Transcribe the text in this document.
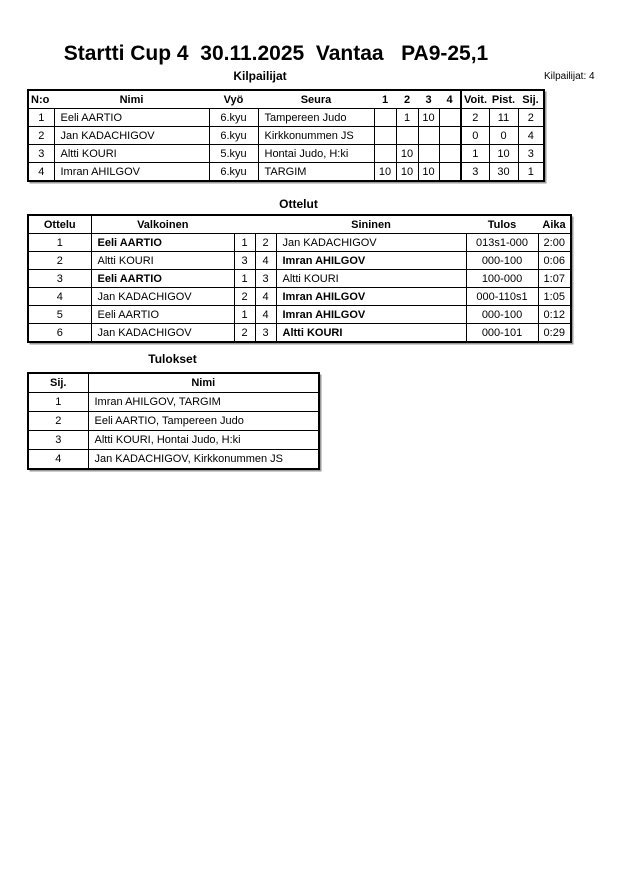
Startti Cup 4  30.11.2025  Vantaa   PA9-25,1
Kilpailijat	Kilpailijat: 4
N:o	Nimi	Vyö	Seura	1	2	3	4	Voit.	Pist.	Sij.
1	Eeli AARTIO	6.kyu	Tampereen Judo		1	10		2	11	2
2	Jan KADACHIGOV	6.kyu	Kirkkonummen JS					0	0	4
3	Altti KOURI	5.kyu	Hontai Judo, H:ki		10			1	10	3
4	Imran AHILGOV	6.kyu	TARGIM	10	10	10		3	30	1
Ottelut
Ottelu	Valkoinen			Sininen	Tulos	Aika
1	Eeli AARTIO	1	2	Jan KADACHIGOV	013s1-000	2:00
2	Altti KOURI	3	4	Imran AHILGOV	000-100	0:06
3	Eeli AARTIO	1	3	Altti KOURI	100-000	1:07
4	Jan KADACHIGOV	2	4	Imran AHILGOV	000-110s1	1:05
5	Eeli AARTIO	1	4	Imran AHILGOV	000-100	0:12
6	Jan KADACHIGOV	2	3	Altti KOURI	000-101	0:29
Tulokset
Sij.	Nimi
1	Imran AHILGOV, TARGIM
2	Eeli AARTIO, Tampereen Judo
3	Altti KOURI, Hontai Judo, H:ki
4	Jan KADACHIGOV, Kirkkonummen JS
